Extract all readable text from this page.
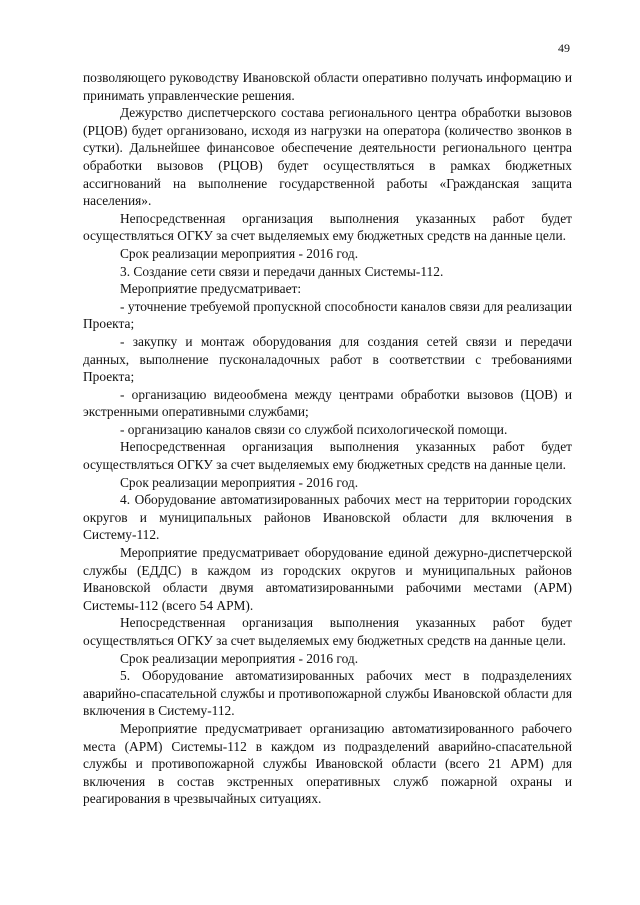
49

позволяющего руководству Ивановской области оперативно получать информацию и принимать управленческие решения.

Дежурство диспетчерского состава регионального центра обработки вызовов (РЦОВ) будет организовано, исходя из нагрузки на оператора (количество звонков в сутки). Дальнейшее финансовое обеспечение деятельности регионального центра обработки вызовов (РЦОВ) будет осуществляться в рамках бюджетных ассигнований на выполнение государственной работы «Гражданская защита населения».

Непосредственная организация выполнения указанных работ будет осуществляться ОГКУ за счет выделяемых ему бюджетных средств на данные цели.

Срок реализации мероприятия - 2016 год.

3. Создание сети связи и передачи данных Системы-112.

Мероприятие предусматривает:

- уточнение требуемой пропускной способности каналов связи для реализации Проекта;

- закупку и монтаж оборудования для создания сетей связи и передачи данных, выполнение пусконаладочных работ в соответствии с требованиями Проекта;

- организацию видеообмена между центрами обработки вызовов (ЦОВ) и экстренными оперативными службами;

- организацию каналов связи со службой психологической помощи.

Непосредственная организация выполнения указанных работ будет осуществляться ОГКУ за счет выделяемых ему бюджетных средств на данные цели.

Срок реализации мероприятия - 2016 год.

4. Оборудование автоматизированных рабочих мест на территории городских округов и муниципальных районов Ивановской области для включения в Систему-112.

Мероприятие предусматривает оборудование единой дежурно-диспетчерской службы (ЕДДС) в каждом из городских округов и муниципальных районов Ивановской области двумя автоматизированными рабочими местами (АРМ) Системы-112 (всего 54 АРМ).

Непосредственная организация выполнения указанных работ будет осуществляться ОГКУ за счет выделяемых ему бюджетных средств на данные цели.

Срок реализации мероприятия - 2016 год.

5. Оборудование автоматизированных рабочих мест в подразделениях аварийно-спасательной службы и противопожарной службы Ивановской области для включения в Систему-112.

Мероприятие предусматривает организацию автоматизированного рабочего места (АРМ) Системы-112 в каждом из подразделений аварийно-спасательной службы и противопожарной службы Ивановской области (всего 21 АРМ) для включения в состав экстренных оперативных служб пожарной охраны и реагирования в чрезвычайных ситуациях.
